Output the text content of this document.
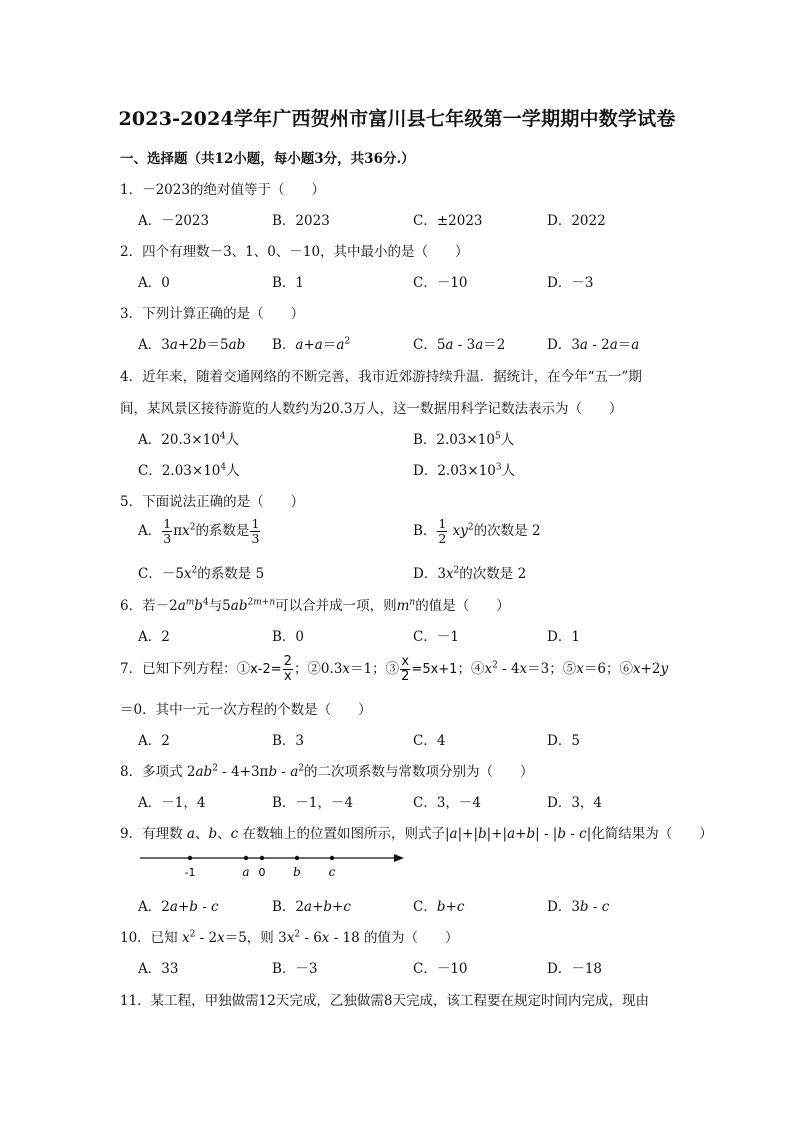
2023-2024学年广西贺州市富川县七年级第一学期期中数学试卷
一、选择题（共12小题，每小题3分，共36分.）
1．－2023的绝对值等于（　　）
A．－2023	B．2023	C．±2023	D．2022
2．四个有理数－3、1、0、－10，其中最小的是（　　）
A．0	B．1	C．－10	D．－3
3．下列计算正确的是（　　）
A．3a+2b＝5ab B．$a+a=a^2$	C．5a - 3a＝2	D．3a - 2a＝a
4．近年来，随着交通网络的不断完善，我市近郊游持续升温．据统计，在今年“五一”期
间，某风景区接待游览的人数约为20.3万人，这一数据用科学记数法表示为（　　）
A．$20.3\times 10^4$人	B．$2.03\times 10^5$人
C．$2.03\times 10^4$人	D．$2.03\times 10^3$人
5．下面说法正确的是（　　）
A． $\frac{1}{3} \pi x^2$的系数是 $\frac{1}{3}$	B． $\frac{1}{2} xy^2$的次数是 2
C．$-5x^2$的系数是 5	D．$3x^2$的次数是 2
6．若$-2a^mb^4$与$5ab^{2m+n}$可以合并成一项，则$m^n$的值是（　　）
A．2	B．0	C．－1	D．1
7．已知下列方程：①x-2= $\frac{2}{x}$ ；②0.3x＝1；③ $\frac{x}{2} =5x+1$；$④x^2 - 4x=3$；⑤x＝6；⑥x+2y
＝0．其中一元一次方程的个数是（　　）
A．2	B．3	C．4	D．5
8．多项式 $2ab^2 - 4+3\pi b - a^2$的二次项系数与常数项分别为（　　）
A．－1，4	B．－1，－4	C．3，－4	D．3，4
9．有理数 a、b、c 在数轴上的位置如图所示，则式子|a|+|b|+|a+b| - |b - c|化简结果为（　　）
-1	a 0 b c
A．2a+b - c	B．2a+b+c	C．b+c	D．3b - c
10．已知 $x^2 - 2x=5$，则 $3x^2 - 6x - 18$ 的值为（　　）
A．33	B．－3	C．－10	D．－18
11．某工程，甲独做需12天完成，乙独做需8天完成，该工程要在规定时间内完成，现由
